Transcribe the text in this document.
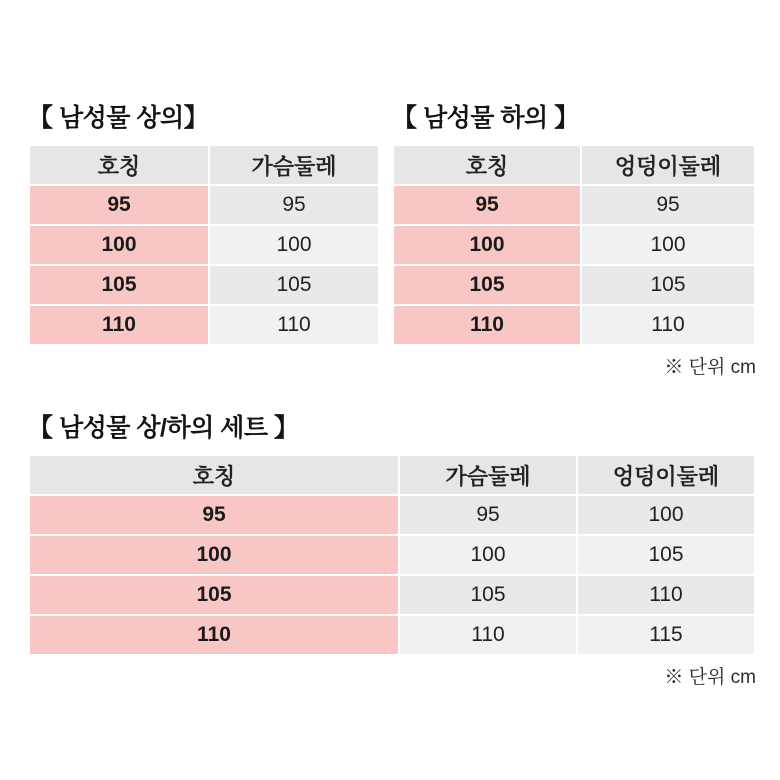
【 남성물 상의】
호칭	가슴둘레
95	95
100	100
105	105
110	110
【 남성물 하의 】
호칭	엉덩이둘레
95	95
100	100
105	105
110	110
※ 단위 cm
【 남성물 상/하의 세트 】
호칭	가슴둘레	엉덩이둘레
95	95	100
100	100	105
105	105	110
110	110	115
※ 단위 cm
